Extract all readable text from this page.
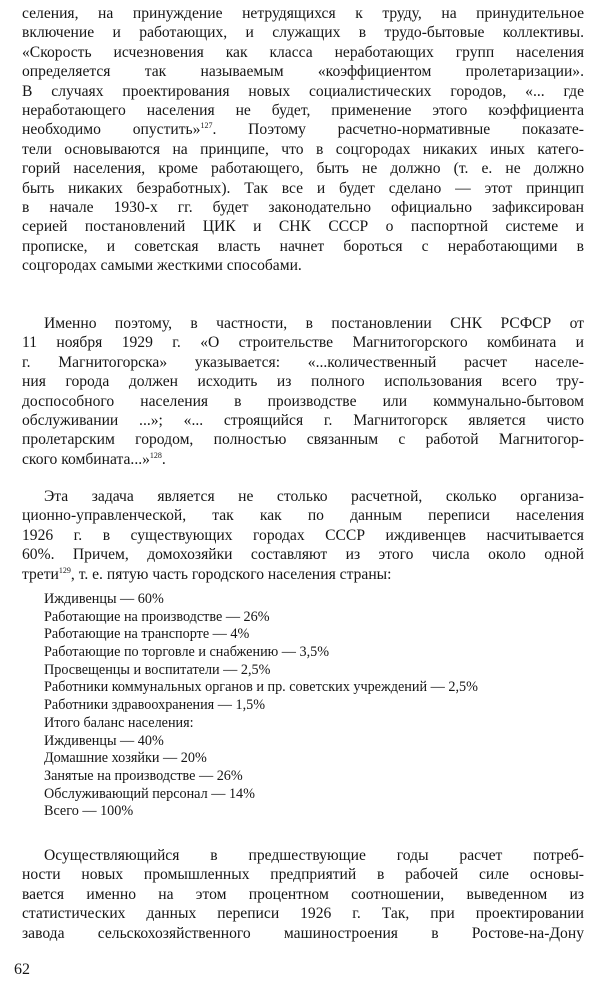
селения, на принуждение нетрудящихся к труду, на принудительное
включение и работающих, и служащих в трудо-бытовые коллективы.
«Скорость исчезновения как класса неработающих групп населения
определяется так называемым «коэффициентом пролетаризации».
В случаях проектирования новых социалистических городов, «... где
неработающего населения не будет, применение этого коэффициента
необходимо опустить»$^{127}$. Поэтому расчетно-нормативные показате-
тели основываются на принципе, что в соцгородах никаких иных катего-
горий населения, кроме работающего, быть не должно (т. е. не должно
быть никаких безработных). Так все и будет сделано — этот принцип
в начале 1930-х гг. будет законодательно официально зафиксирован
серией постановлений ЦИК и СНК СССР о паспортной системе и
прописке, и советская власть начнет бороться с неработающими в
соцгородах самыми жесткими способами.
Именно поэтому, в частности, в постановлении СНК РСФСР от
11 ноября 1929 г. «О строительстве Магнитогорского комбината и
г. Магнитогорска» указывается: «...количественный расчет населе-
ния города должен исходить из полного использования всего тру-
доспособного населения в производстве или коммунально-бытовом
обслуживании ...»; «... строящийся г. Магнитогорск является чисто
пролетарским городом, полностью связанным с работой Магнитогор-
ского комбината...»$^{128}$.
Эта задача является не столько расчетной, сколько организа-
ционно-управленческой, так как по данным переписи населения
1926 г. в существующих городах СССР иждивенцев насчитывается
60%. Причем, домохозяйки составляют из этого числа около одной
трети$^{129}$, т. е. пятую часть городского населения страны:
Иждивенцы — 60%
Работающие на производстве — 26%
Работающие на транспорте — 4%
Работающие по торговле и снабжению — 3,5%
Просвещенцы и воспитатели — 2,5%
Работники коммунальных органов и пр. советских учреждений — 2,5%
Работники здравоохранения — 1,5%
Итого баланс населения:
Иждивенцы — 40%
Домашние хозяйки — 20%
Занятые на производстве — 26%
Обслуживающий персонал — 14%
Всего — 100%
Осуществляющийся в предшествующие годы расчет потреб-
ности новых промышленных предприятий в рабочей силе основы-
вается именно на этом процентном соотношении, выведенном из
статистических данных переписи 1926 г. Так, при проектировании
завода сельскохозяйственного машиностроения в Ростове-на-Дону
62
